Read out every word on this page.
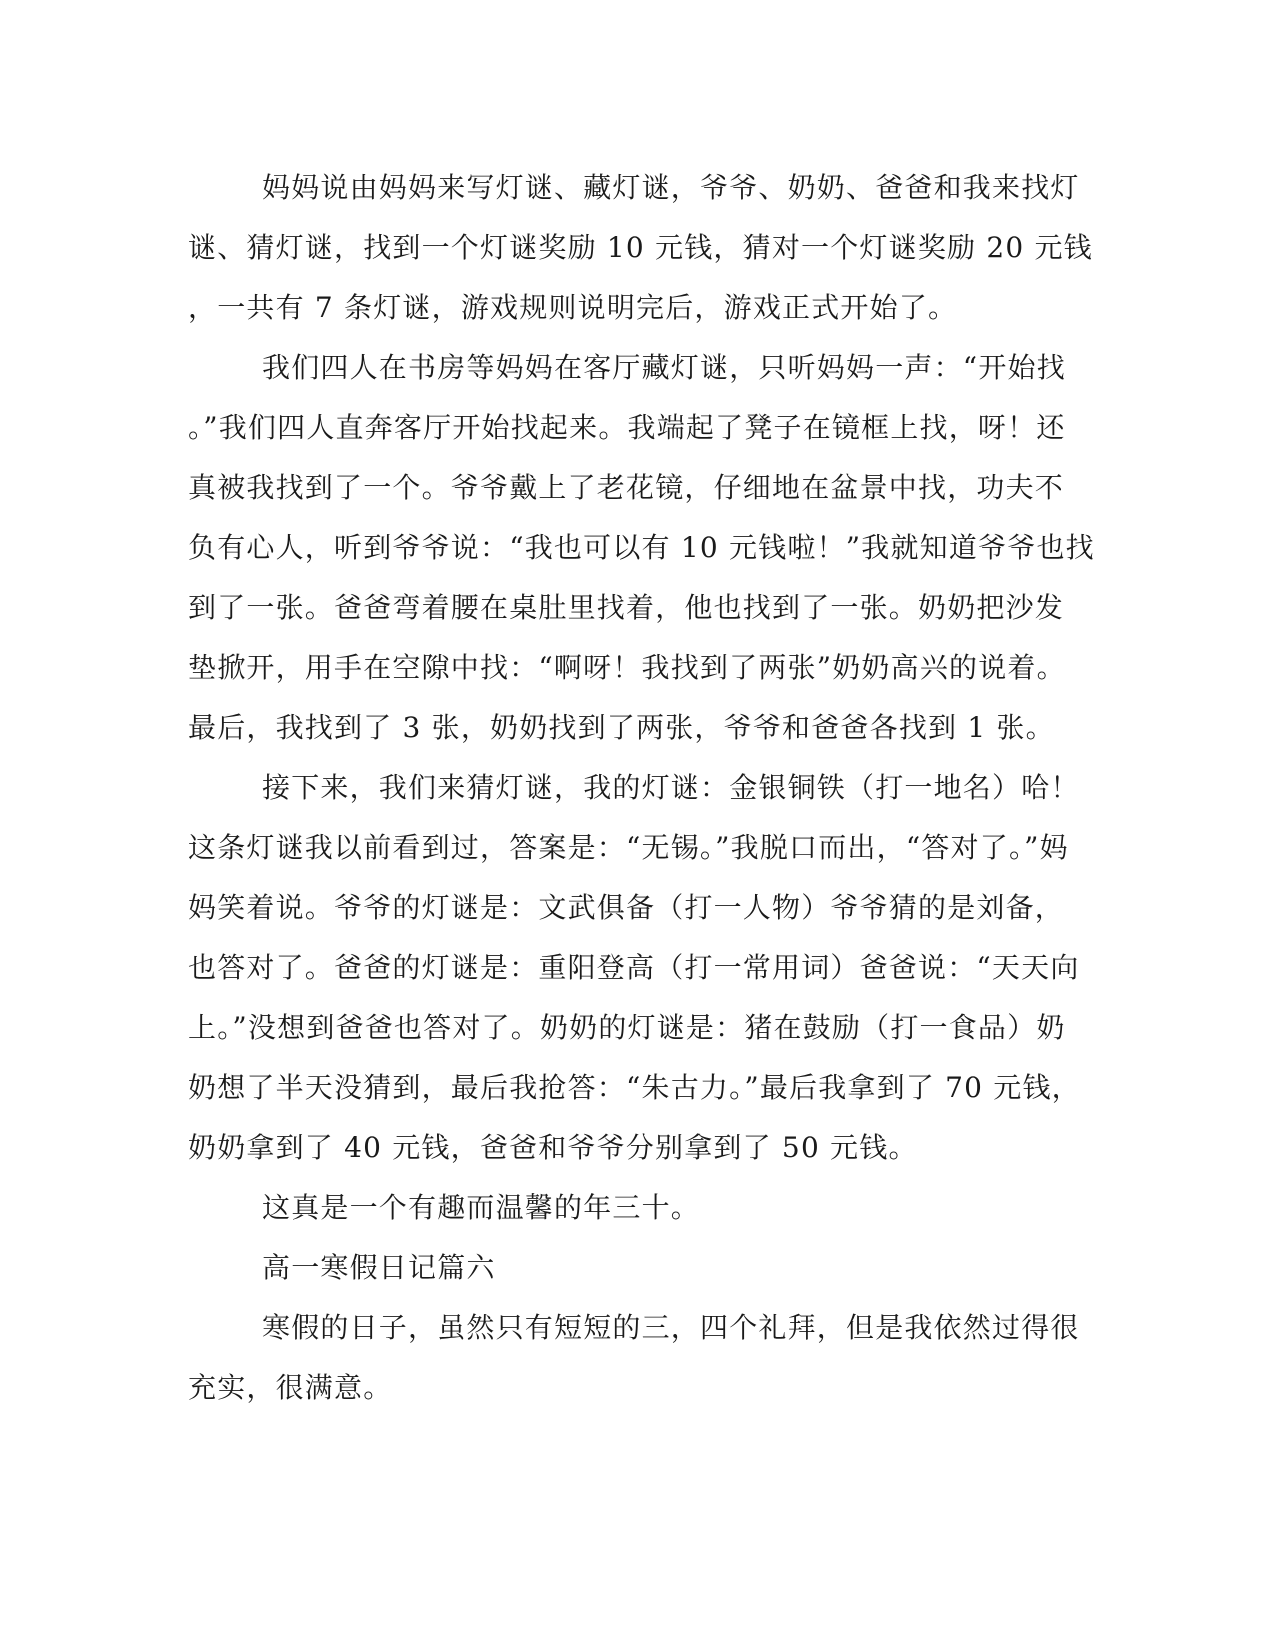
妈妈说由妈妈来写灯谜、藏灯谜，爷爷、奶奶、爸爸和我来找灯
谜、猜灯谜，找到一个灯谜奖励 10 元钱，猜对一个灯谜奖励 20 元钱
，一共有 7 条灯谜，游戏规则说明完后，游戏正式开始了。
我们四人在书房等妈妈在客厅藏灯谜，只听妈妈一声：“开始找
。”我们四人直奔客厅开始找起来。我端起了凳子在镜框上找，呀！还
真被我找到了一个。爷爷戴上了老花镜，仔细地在盆景中找，功夫不
负有心人，听到爷爷说：“我也可以有 10 元钱啦！”我就知道爷爷也找
到了一张。爸爸弯着腰在桌肚里找着，他也找到了一张。奶奶把沙发
垫掀开，用手在空隙中找：“啊呀！我找到了两张”奶奶高兴的说着。
最后，我找到了 3 张，奶奶找到了两张，爷爷和爸爸各找到 1 张。
接下来，我们来猜灯谜，我的灯谜：金银铜铁（打一地名）哈！
这条灯谜我以前看到过，答案是：“无锡。”我脱口而出，“答对了。”妈
妈笑着说。爷爷的灯谜是：文武俱备（打一人物）爷爷猜的是刘备，
也答对了。爸爸的灯谜是：重阳登高（打一常用词）爸爸说：“天天向
上。”没想到爸爸也答对了。奶奶的灯谜是：猪在鼓励（打一食品）奶
奶想了半天没猜到，最后我抢答：“朱古力。”最后我拿到了 70 元钱，
奶奶拿到了 40 元钱，爸爸和爷爷分别拿到了 50 元钱。
这真是一个有趣而温馨的年三十。
高一寒假日记篇六
寒假的日子，虽然只有短短的三，四个礼拜，但是我依然过得很
充实，很满意。
